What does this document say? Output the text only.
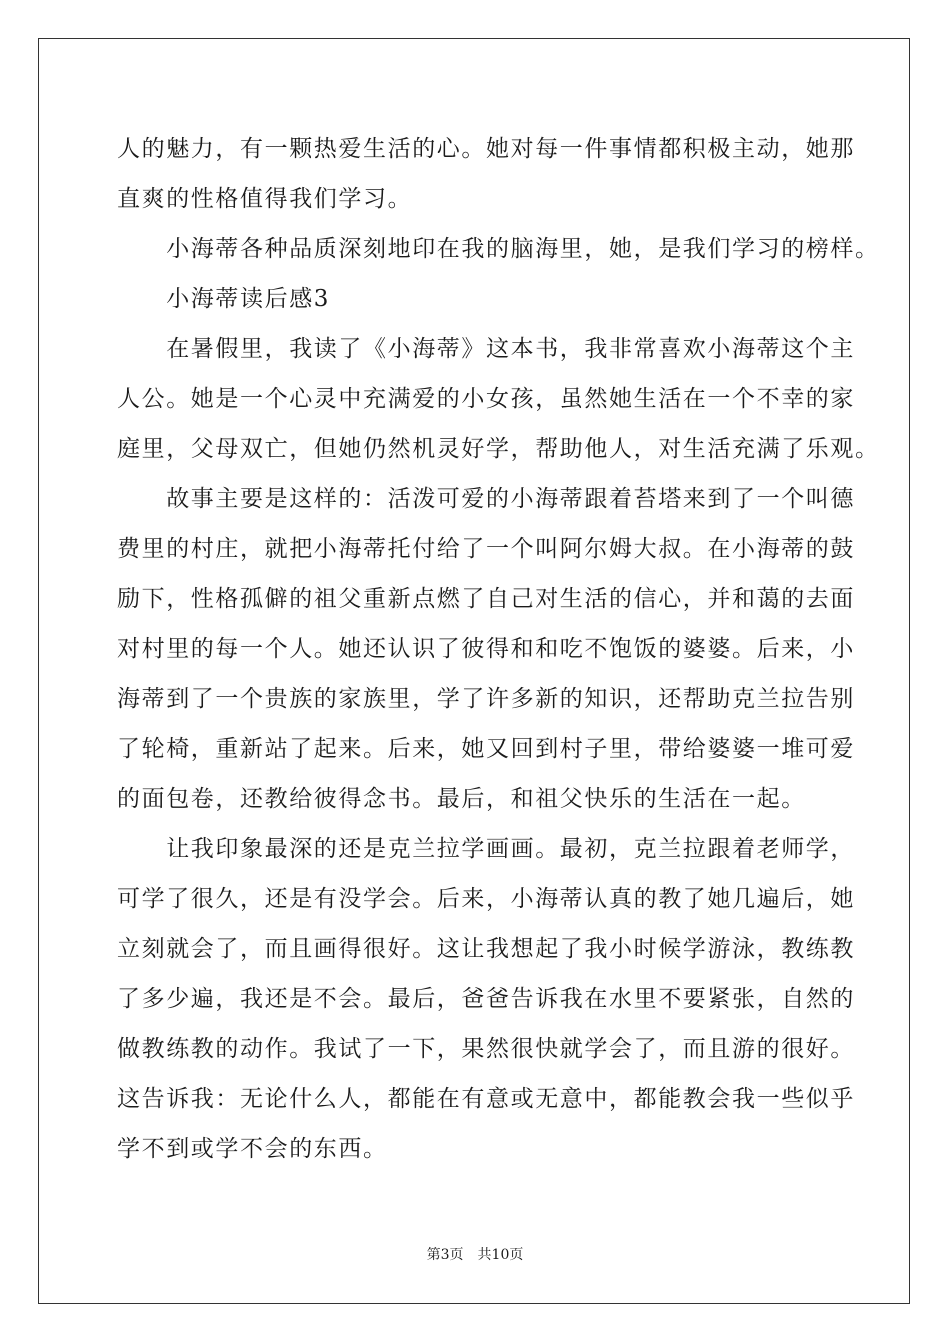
人的魅力，有一颗热爱生活的心。她对每一件事情都积极主动，她那
直爽的性格值得我们学习。
　　小海蒂各种品质深刻地印在我的脑海里，她，是我们学习的榜样。
　　小海蒂读后感3
　　在暑假里，我读了《小海蒂》这本书，我非常喜欢小海蒂这个主
人公。她是一个心灵中充满爱的小女孩，虽然她生活在一个不幸的家
庭里，父母双亡，但她仍然机灵好学，帮助他人，对生活充满了乐观。
　　故事主要是这样的：活泼可爱的小海蒂跟着苔塔来到了一个叫德
费里的村庄，就把小海蒂托付给了一个叫阿尔姆大叔。在小海蒂的鼓
励下，性格孤僻的祖父重新点燃了自己对生活的信心，并和蔼的去面
对村里的每一个人。她还认识了彼得和和吃不饱饭的婆婆。后来，小
海蒂到了一个贵族的家族里，学了许多新的知识，还帮助克兰拉告别
了轮椅，重新站了起来。后来，她又回到村子里，带给婆婆一堆可爱
的面包卷，还教给彼得念书。最后，和祖父快乐的生活在一起。
　　让我印象最深的还是克兰拉学画画。最初，克兰拉跟着老师学，
可学了很久，还是有没学会。后来，小海蒂认真的教了她几遍后，她
立刻就会了，而且画得很好。这让我想起了我小时候学游泳，教练教
了多少遍，我还是不会。最后，爸爸告诉我在水里不要紧张，自然的
做教练教的动作。我试了一下，果然很快就学会了，而且游的很好。
这告诉我：无论什么人，都能在有意或无意中，都能教会我一些似乎
学不到或学不会的东西。
第3页 共10页
